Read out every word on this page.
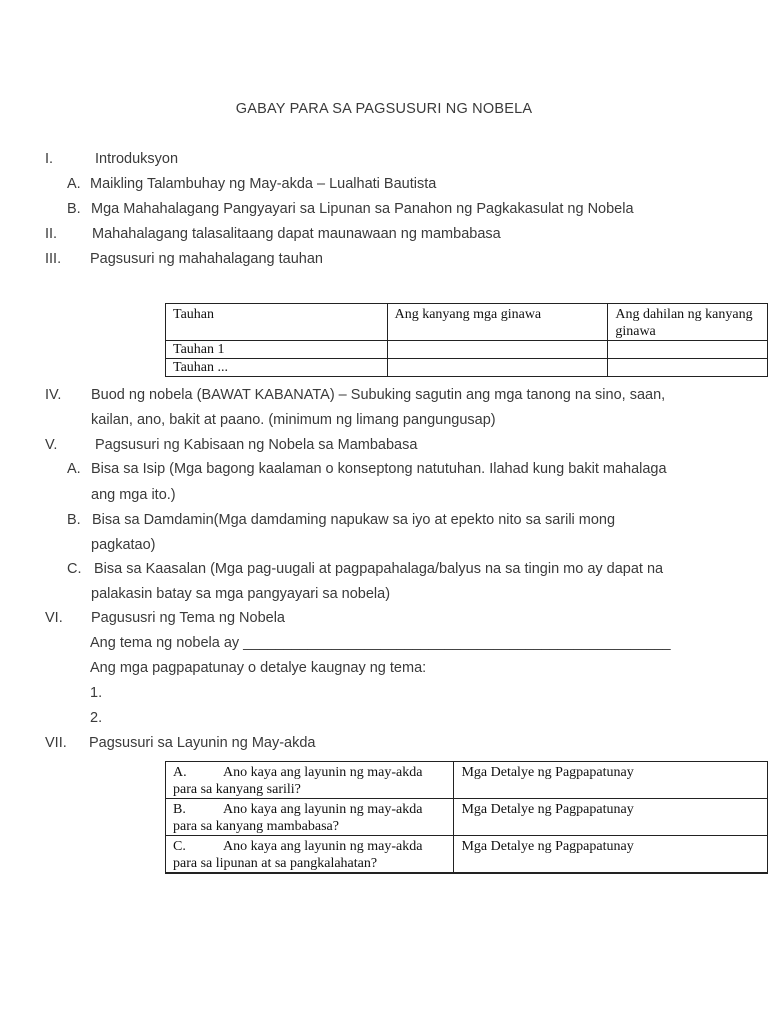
GABAY PARA SA PAGSUSURI NG NOBELA
I.	Introduksyon
A. Maikling Talambuhay ng May-akda – Lualhati Bautista
B. Mga Mahahalagang Pangyayari sa Lipunan sa Panahon ng Pagkakasulat ng Nobela
II. Mahahalagang talasalitaang dapat maunawaan ng mambabasa
III. Pagsusuri ng mahahalagang tauhan
Tauhan	Ang kanyang mga ginawa	Ang dahilan ng kanyang
ginawa
Tauhan 1		
Tauhan ...		
IV. Buod ng nobela (BAWAT KABANATA) – Subuking sagutin ang mga tanong na sino, saan,
kailan, ano, bakit at paano. (minimum ng limang pangungusap)
V.	Pagsusuri ng Kabisaan ng Nobela sa Mambabasa
A. Bisa sa Isip (Mga bagong kaalaman o konseptong natutuhan. Ilahad kung bakit mahalaga
ang mga ito.)
B. Bisa sa Damdamin(Mga damdaming napukaw sa iyo at epekto nito sa sarili mong
pagkatao)
C. Bisa sa Kaasalan (Mga pag-uugali at pagpapahalaga/balyus na sa tingin mo ay dapat na
palakasin batay sa mga pangyayari sa nobela)
VI. Pagususri ng Tema ng Nobela
Ang tema ng nobela ay _____________________________________________________
Ang mga pagpapatunay o detalye kaugnay ng tema:
1.
2.
VII. Pagsusuri sa Layunin ng May-akda
A. Ano kaya ang layunin ng may-akda
para sa kanyang sarili?	Mga Detalye ng Pagpapatunay
B. Ano kaya ang layunin ng may-akda
para sa kanyang mambabasa?	Mga Detalye ng Pagpapatunay
C. Ano kaya ang layunin ng may-akda
para sa lipunan at sa pangkalahatan?	Mga Detalye ng Pagpapatunay
